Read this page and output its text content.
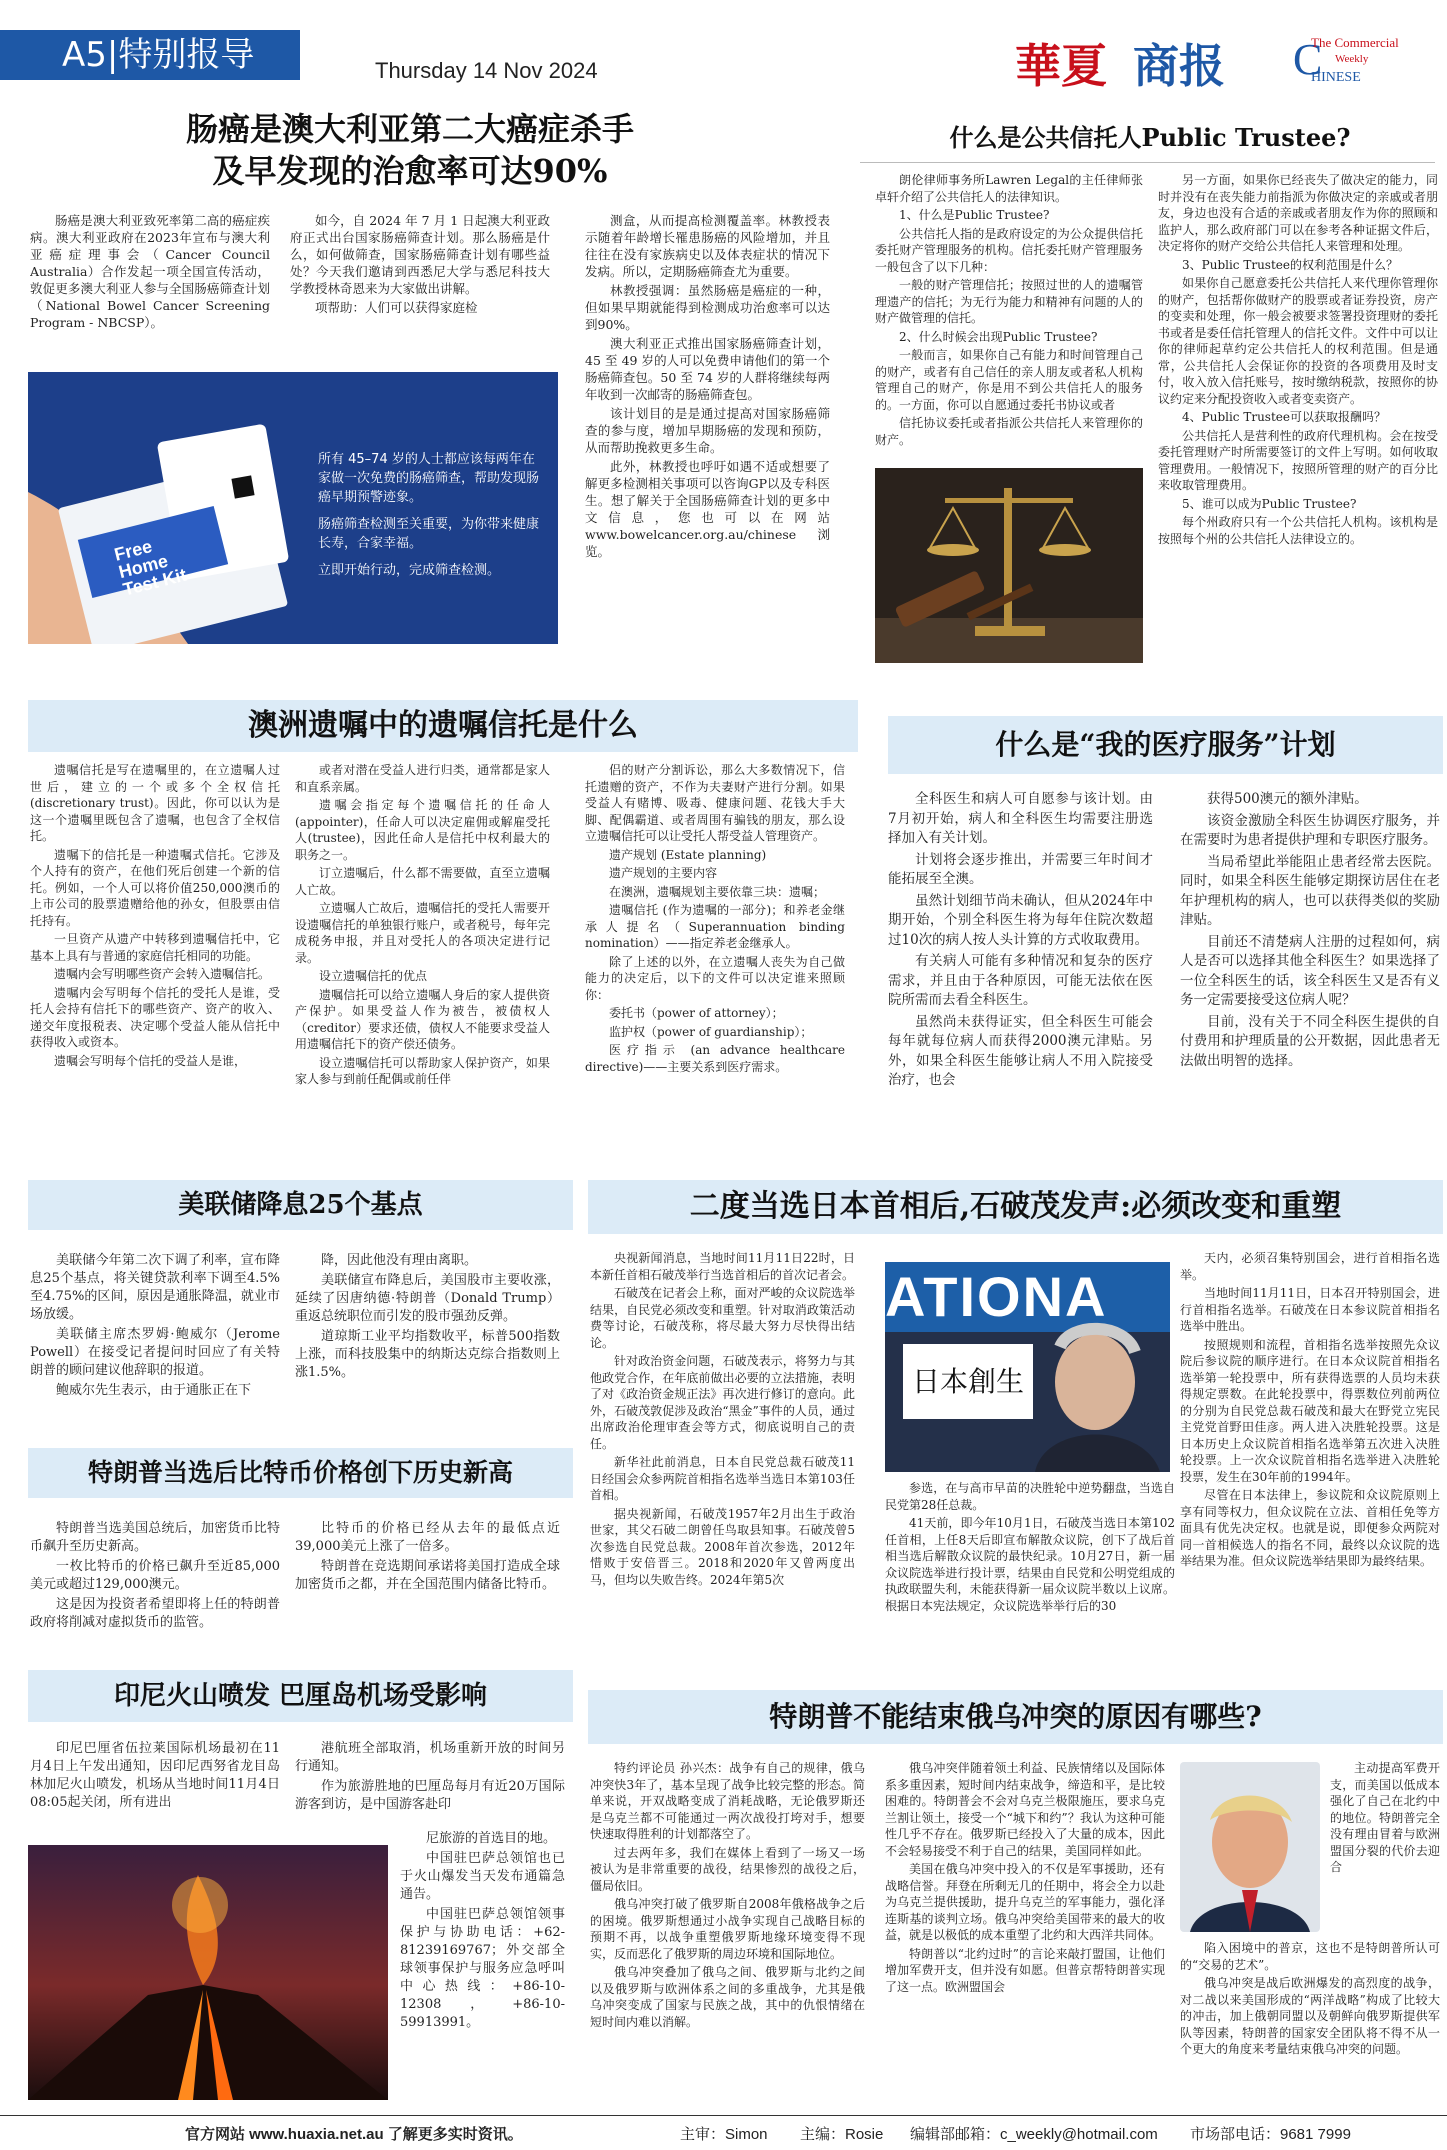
A5|特别报导	Thursday 14 Nov 2024	華夏 商报 C
The Commercial
Weekly
HINESE
肠癌是澳大利亚第二大癌症杀手
及早发现的治愈率可达90%

肠癌是澳大利亚致死率第二高的癌症疾病。澳大利亚政府在2023年宣布与澳大利亚癌症理事会（Cancer Council Australia）合作发起一项全国宣传活动，敦促更多澳大利亚人参与全国肠癌筛查计划（National Bowel Cancer Screening Program - NBCSP）。

如今，自 2024 年 7 月 1 日起澳大利亚政府正式出台国家肠癌筛查计划。那么肠癌是什么，如何做筛查，国家肠癌筛查计划有哪些益处？今天我们邀请到西悉尼大学与悉尼科技大学教授林奇恩来为大家做出讲解。

项帮助：人们可以获得家庭检

测盒，从而提高检测覆盖率。林教授表示随着年龄增长罹患肠癌的风险增加，并且往往在没有家族病史以及体表症状的情况下发病。所以，定期肠癌筛查尤为重要。

林教授强调：虽然肠癌是癌症的一种，但如果早期就能得到检测成功治愈率可以达到90%。

澳大利亚正式推出国家肠癌筛查计划，45 至 49 岁的人可以免费申请他们的第一个肠癌筛查包。50 至 74 岁的人群将继续每两年收到一次邮寄的肠癌筛查包。

该计划目的是是通过提高对国家肠癌筛查的参与度，增加早期肠癌的发现和预防，从而帮助挽救更多生命。

此外，林教授也呼吁如遇不适或想要了解更多检测相关事项可以咨询GP以及专科医生。想了解关于全国肠癌筛查计划的更多中文信息，您也可以在网站www.bowelcancer.org.au/chinese浏览。

Free Home Test Kit
所有 45–74 岁的人士都应该每两年在家做一次免费的肠癌筛查，帮助发现肠癌早期预警迹象。
肠癌筛查检测至关重要，为你带来健康长寿，合家幸福。
立即开始行动，完成筛查检测。
什么是公共信托人Public Trustee?

朗伦律师事务所Lawren Legal的主任律师张卓轩介绍了公共信托人的法律知识。

1、什么是Public Trustee?

公共信托人指的是政府设定的为公众提供信托委托财产管理服务的机构。信托委托财产管理服务一般包含了以下几种：

一般的财产管理信托；按照过世的人的遗嘱管理遗产的信托；为无行为能力和精神有问题的人的财产做管理的信托。

2、什么时候会出现Public Trustee?

一般而言，如果你自己有能力和时间管理自己的财产，或者有自己信任的亲人朋友或者私人机构管理自己的财产，你是用不到公共信托人的服务的。一方面，你可以自愿通过委托书协议或者

信托协议委托或者指派公共信托人来管理你的财产。

另一方面，如果你已经丧失了做决定的能力，同时并没有在丧失能力前指派为你做决定的亲戚或者朋友，身边也没有合适的亲戚或者朋友作为你的照顾和监护人，那么政府部门可以在参考各种证据文件后，决定将你的财产交给公共信托人来管理和处理。

3、Public Trustee的权利范围是什么？

如果你自己愿意委托公共信托人来代理你管理你的财产，包括帮你做财产的股票或者证券投资，房产的变卖和处理，你一般会被要求签署投资理财的委托书或者是委任信托管理人的信托文件。文件中可以让你的律师起草约定公共信托人的权利范围。但是通常，公共信托人会保证你的投资的各项费用及时支付，收入放入信托账号，按时缴纳税款，按照你的协议约定来分配投资收入或者变卖资产。

4、Public Trustee可以获取报酬吗？

公共信托人是营利性的政府代理机构。会在按受委托管理财产时所需要签订的文件上写明。如何收取管理费用。一般情况下，按照所管理的财产的百分比来收取管理费用。

5、谁可以成为Public Trustee?

每个州政府只有一个公共信托人机构。该机构是按照每个州的公共信托人法律设立的。

澳洲遗嘱中的遗嘱信托是什么

遗嘱信托是写在遗嘱里的，在立遗嘱人过世后，建立的一个或多个全权信托(discretionary trust)。因此，你可以认为是这一个遗嘱里既包含了遗嘱，也包含了全权信托。

遗嘱下的信托是一种遗嘱式信托。它涉及个人持有的资产，在他们死后创建一个新的信托。例如，一个人可以将价值250,000澳币的上市公司的股票遗赠给他的孙女，但股票由信托持有。

一旦资产从遗产中转移到遗嘱信托中，它基本上具有与普通的家庭信托相同的功能。

遗嘱内会写明哪些资产会转入遗嘱信托。

遗嘱内会写明每个信托的受托人是谁，受托人会持有信托下的哪些资产、资产的收入、递交年度报税表、决定哪个受益人能从信托中获得收入或资本。

遗嘱会写明每个信托的受益人是谁，

或者对潜在受益人进行归类，通常都是家人和直系亲属。

遗嘱会指定每个遗嘱信托的任命人(appointer)，任命人可以决定雇佣或解雇受托人(trustee)，因此任命人是信托中权利最大的职务之一。

订立遗嘱后，什么都不需要做，直至立遗嘱人亡故。

立遗嘱人亡故后，遗嘱信托的受托人需要开设遗嘱信托的单独银行账户，或者税号，每年完成税务申报，并且对受托人的各项决定进行记录。

设立遗嘱信托的优点

遗嘱信托可以给立遗嘱人身后的家人提供资产保护。如果受益人作为被告，被债权人（creditor）要求还债，债权人不能要求受益人用遗嘱信托下的资产偿还债务。

设立遗嘱信托可以帮助家人保护资产，如果家人参与到前任配偶或前任伴

侣的财产分割诉讼，那么大多数情况下，信托遗赠的资产，不作为夫妻财产进行分割。如果受益人有赌博、吸毒、健康问题、花钱大手大脚、配偶霸道、或者周围有骗钱的朋友，那么设立遗嘱信托可以让受托人帮受益人管理资产。

遗产规划 (Estate planning)

遗产规划的主要内容

在澳洲，遗嘱规划主要依靠三块：遗嘱；

遗嘱信托 (作为遗嘱的一部分)；和养老金继承人提名（Superannuation binding nomination）——指定养老金继承人。

除了上述的以外，在立遗嘱人丧失为自己做能力的决定后，以下的文件可以决定谁来照顾你：

委托书（power of attorney）；

监护权（power of guardianship）；

医疗指示 (an advance healthcare directive)——主要关系到医疗需求。

什么是“我的医疗服务”计划

全科医生和病人可自愿参与该计划。由7月初开始，病人和全科医生均需要注册选择加入有关计划。

计划将会逐步推出，并需要三年时间才能拓展至全澳。

虽然计划细节尚未确认，但从2024年中期开始，个别全科医生将为每年住院次数超过10次的病人按人头计算的方式收取费用。

有关病人可能有多种情况和复杂的医疗需求，并且由于各种原因，可能无法依在医院所需而去看全科医生。

虽然尚未获得证实，但全科医生可能会每年就每位病人而获得2000澳元津贴。另外，如果全科医生能够让病人不用入院接受治疗，也会

获得500澳元的额外津贴。

该资金激励全科医生协调医疗服务，并在需要时为患者提供护理和专职医疗服务。

当局希望此举能阻止患者经常去医院。同时，如果全科医生能够定期探访居住在老年护理机构的病人，也可以获得类似的奖励津贴。

目前还不清楚病人注册的过程如何，病人是否可以选择其他全科医生？如果选择了一位全科医生的话，该全科医生又是否有义务一定需要接受这位病人呢？

目前，没有关于不同全科医生提供的自付费用和护理质量的公开数据，因此患者无法做出明智的选择。

美联储降息25个基点

美联储今年第二次下调了利率，宣布降息25个基点，将关键贷款利率下调至4.5%至4.75%的区间，原因是通胀降温，就业市场放缓。

美联储主席杰罗姆·鲍威尔（Jerome Powell）在接受记者提问时回应了有关特朗普的顾问建议他辞职的报道。

鲍威尔先生表示，由于通胀正在下

降，因此他没有理由离职。

美联储宣布降息后，美国股市主要收涨，延续了因唐纳德·特朗普（Donald Trump）重返总统职位而引发的股市强劲反弹。

道琼斯工业平均指数收平，标普500指数上涨，而科技股集中的纳斯达克综合指数则上涨1.5%。

特朗普当选后比特币价格创下历史新高

特朗普当选美国总统后，加密货币比特币飙升至历史新高。

一枚比特币的价格已飙升至近85,000美元或超过129,000澳元。

这是因为投资者希望即将上任的特朗普政府将削减对虚拟货币的监管。

比特币的价格已经从去年的最低点近39,000美元上涨了一倍多。

特朗普在竞选期间承诺将美国打造成全球加密货币之都，并在全国范围内储备比特币。

二度当选日本首相后,石破茂发声:必须改变和重塑

央视新闻消息，当地时间11月11日22时，日本新任首相石破茂举行当选首相后的首次记者会。

石破茂在记者会上称，面对严峻的众议院选举结果，自民党必须改变和重塑。针对取消政策活动费等讨论，石破茂称，将尽最大努力尽快得出结论。

针对政治资金问题，石破茂表示，将努力与其他政党合作，在年底前做出必要的立法措施，表明了对《政治资金规正法》再次进行修订的意向。此外，石破茂敦促涉及政治“黑金”事件的人员，通过出席政治伦理审查会等方式，彻底说明自己的责任。

新华社此前消息，日本自民党总裁石破茂11日经国会众参两院首相指名选举当选日本第103任首相。

据央视新闻，石破茂1957年2月出生于政治世家，其父石破二朗曾任鸟取县知事。石破茂曾5次参选自民党总裁。2008年首次参选，2012年惜败于安倍晋三。2018和2020年又曾两度出马，但均以失败告终。2024年第5次

ATIONA
日本創生

参选，在与高市早苗的决胜轮中逆势翻盘，当选自民党第28任总裁。

41天前，即今年10月1日，石破茂当选日本第102任首相，上任8天后即宣布解散众议院，创下了战后首相当选后解散众议院的最快纪录。10月27日，新一届众议院选举进行投计票，结果由自民党和公明党组成的执政联盟失利，未能获得新一届众议院半数以上议席。根据日本宪法规定，众议院选举举行后的30

天内，必须召集特别国会，进行首相指名选举。

当地时间11月11日，日本召开特别国会，进行首相指名选举。石破茂在日本参议院首相指名选举中胜出。

按照规则和流程，首相指名选举按照先众议院后参议院的顺序进行。在日本众议院首相指名选举第一轮投票中，所有获得选票的人员均未获得规定票数。在此轮投票中，得票数位列前两位的分别为自民党总裁石破茂和最大在野党立宪民主党党首野田佳彦。两人进入决胜轮投票。这是日本历史上众议院首相指名选举第五次进入决胜轮投票。上一次众议院首相指名选举进入决胜轮投票，发生在30年前的1994年。

尽管在日本法律上，参议院和众议院原则上享有同等权力，但众议院在立法、首相任免等方面具有优先决定权。也就是说，即便参众两院对同一首相候选人的指名不同，最终以众议院的选举结果为准。但众议院选举结果即为最终结果。

印尼火山喷发 巴厘岛机场受影响

印尼巴厘省伍拉莱国际机场最初在11月4日上午发出通知，因印尼西努省龙目岛林加尼火山喷发，机场从当地时间11月4日08:05起关闭，所有进出

港航班全部取消，机场重新开放的时间另行通知。

作为旅游胜地的巴厘岛每月有近20万国际游客到访，是中国游客赴印

尼旅游的首选目的地。

中国驻巴萨总领馆也已于火山爆发当天发布通篇急通告。

中国驻巴萨总领馆领事保护与协助电话：+62-81239169767；外交部全球领事保护与服务应急呼叫中心热线：+86-10-12308，+86-10-59913991。

特朗普不能结束俄乌冲突的原因有哪些?

特约评论员 孙兴杰：战争有自己的规律，俄乌冲突快3年了，基本呈现了战争比较完整的形态。简单来说，开双战略变成了消耗战略，无论俄罗斯还是乌克兰都不可能通过一两次战役打垮对手，想要快速取得胜利的计划都落空了。

过去两年多，我们在媒体上看到了一场又一场被认为是非常重要的战役，结果惨烈的战役之后，僵局依旧。

俄乌冲突打破了俄罗斯自2008年俄格战争之后的困境。俄罗斯想通过小战争实现自己战略目标的预期不再，以战争重塑俄罗斯地缘环境变得不现实，反而恶化了俄罗斯的周边环境和国际地位。

俄乌冲突叠加了俄乌之间、俄罗斯与北约之间以及俄罗斯与欧洲体系之间的多重战争，尤其是俄乌冲突变成了国家与民族之战，其中的仇恨情绪在短时间内难以消解。

俄乌冲突伴随着领土利益、民族情绪以及国际体系多重因素，短时间内结束战争，缔造和平，是比较困难的。特朗普会不会对乌克兰极限施压，要求乌克兰割让领土，接受一个“城下和约”？我认为这种可能性几乎不存在。俄罗斯已经投入了大量的成本，因此不会轻易接受不利于自己的结果，美国同样如此。

美国在俄乌冲突中投入的不仅是军事援助，还有战略信誉。拜登在所剩无几的任期中，将会全力以赴为乌克兰提供援助，提升乌克兰的军事能力，强化泽连斯基的谈判立场。俄乌冲突给美国带来的最大的收益，就是以极低的成本重塑了北约和大西洋共同体。

特朗普以“北约过时”的言论来敲打盟国，让他们增加军费开支，但并没有如愿。但普京帮特朗普实现了这一点。欧洲盟国会

主动提高军费开支，而美国以低成本强化了自己在北约中的地位。特朗普完全没有理由冒着与欧洲盟国分裂的代价去迎合

陷入困境中的普京，这也不是特朗普所认可的“交易的艺术”。

俄乌冲突是战后欧洲爆发的高烈度的战争，对二战以来美国形成的“两洋战略”构成了比较大的冲击，加上俄朝同盟以及朝鲜向俄罗斯提供军队等因素，特朗普的国家安全团队将不得不从一个更大的角度来考量结束俄乌冲突的问题。

官方网站 www.huaxia.net.au 了解更多实时资讯。	主审：Simon 主编：Rosie 编辑部邮箱：c_weekly@hotmail.com 市场部电话：9681 7999
